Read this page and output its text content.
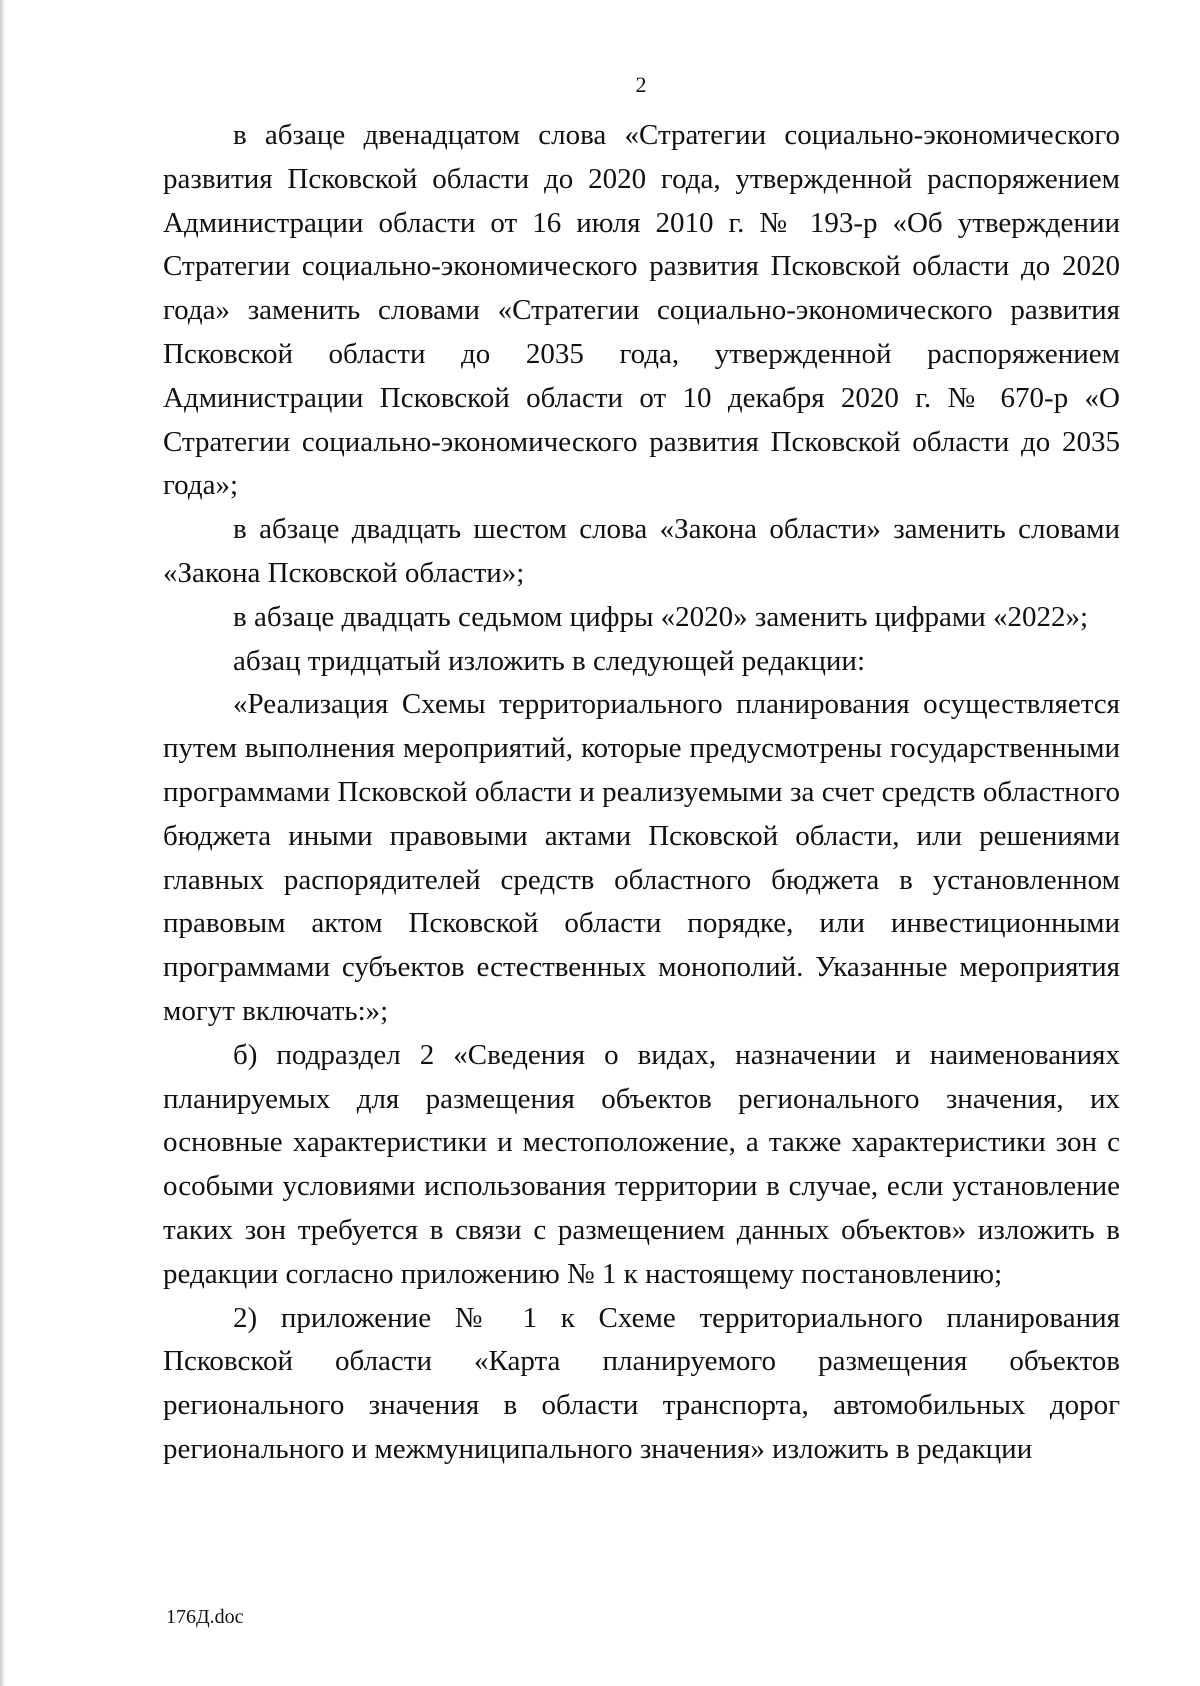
2

в абзаце двенадцатом слова «Стратегии социально-экономического развития Псковской области до 2020 года, утвержденной распоряжением Администрации области от 16 июля 2010 г. № 193-р «Об утверждении Стратегии социально-экономического развития Псковской области до 2020 года» заменить словами «Стратегии социально-экономического развития Псковской области до 2035 года, утвержденной распоряжением Администрации Псковской области от 10 декабря 2020 г. № 670-р «О Стратегии социально-экономического развития Псковской области до 2035 года»;

в абзаце двадцать шестом слова «Закона области» заменить словами «Закона Псковской области»;

в абзаце двадцать седьмом цифры «2020» заменить цифрами «2022»;

абзац тридцатый изложить в следующей редакции:

«Реализация Схемы территориального планирования осуществляется путем выполнения мероприятий, которые предусмотрены государственными программами Псковской области и реализуемыми за счет средств областного бюджета иными правовыми актами Псковской области, или решениями главных распорядителей средств областного бюджета в установленном правовым актом Псковской области порядке, или инвестиционными программами субъектов естественных монополий. Указанные мероприятия могут включать:»;

б) подраздел 2 «Сведения о видах, назначении и наименованиях планируемых для размещения объектов регионального значения, их основные характеристики и местоположение, а также характеристики зон с особыми условиями использования территории в случае, если установление таких зон требуется в связи с размещением данных объектов» изложить в редакции согласно приложению № 1 к настоящему постановлению;

2) приложение № 1 к Схеме территориального планирования Псковской области «Карта планируемого размещения объектов регионального значения в области транспорта, автомобильных дорог регионального и межмуниципального значения» изложить в редакции

176Д.doc
